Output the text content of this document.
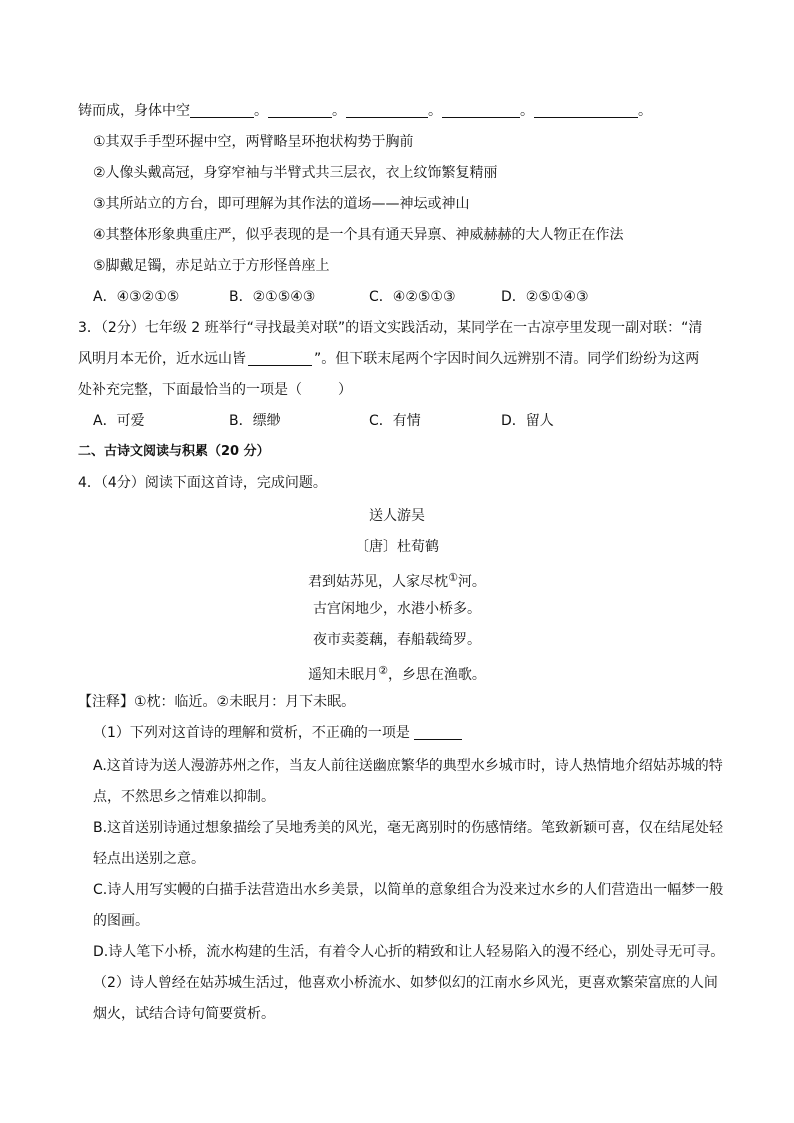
铸而成，身体中空	。	。	。	。	。
①其双手手型环握中空，两臂略呈环抱状构势于胸前
②人像头戴高冠，身穿窄袖与半臂式共三层衣，衣上纹饰繁复精丽
③其所站立的方台，即可理解为其作法的道场——神坛或神山
④其整体形象典重庄严，似乎表现的是一个具有通天异禀、神威赫赫的大人物正在作法
⑤脚戴足镯，赤足站立于方形怪兽座上
A．④③②①⑤	B．②①⑤④③	C．④②⑤①③	D．②⑤①④③
3．（2分）七年级 2 班举行“寻找最美对联”的语文实践活动，某同学在一古凉亭里发现一副对联：“清
风明月本无价，近水远山皆	”。但下联末尾两个字因时间久远辨别不清。同学们纷纷为这两
处补充完整，下面最恰当的一项是（	）
A．可爱	B．缥缈	C．有情	D．留人
二、古诗文阅读与积累（20 分）
4．（4分）阅读下面这首诗，完成问题。
送人游吴
〔唐〕杜荀鹤
君到姑苏见，人家尽枕①河。
古宫闲地少，水港小桥多。
夜市卖菱藕，春船载绮罗。
遥知未眠月②，乡思在渔歌。
【注释】①枕：临近。②未眠月：月下未眠。
（1）下列对这首诗的理解和赏析，不正确的一项是
A.这首诗为送人漫游苏州之作，当友人前往送幽庶繁华的典型水乡城市时，诗人热情地介绍姑苏城的特
点，不然思乡之情难以抑制。
B.这首送别诗通过想象描绘了吴地秀美的风光，毫无离别时的伤感情绪。笔致新颖可喜，仅在结尾处轻
轻点出送别之意。
C.诗人用写实幔的白描手法营造出水乡美景，以简单的意象组合为没来过水乡的人们营造出一幅梦一般
的图画。
D.诗人笔下小桥，流水构建的生活，有着令人心折的精致和让人轻易陷入的漫不经心，别处寻无可寻。
（2）诗人曾经在姑苏城生活过，他喜欢小桥流水、如梦似幻的江南水乡风光，更喜欢繁荣富庶的人间
烟火，试结合诗句简要赏析。
